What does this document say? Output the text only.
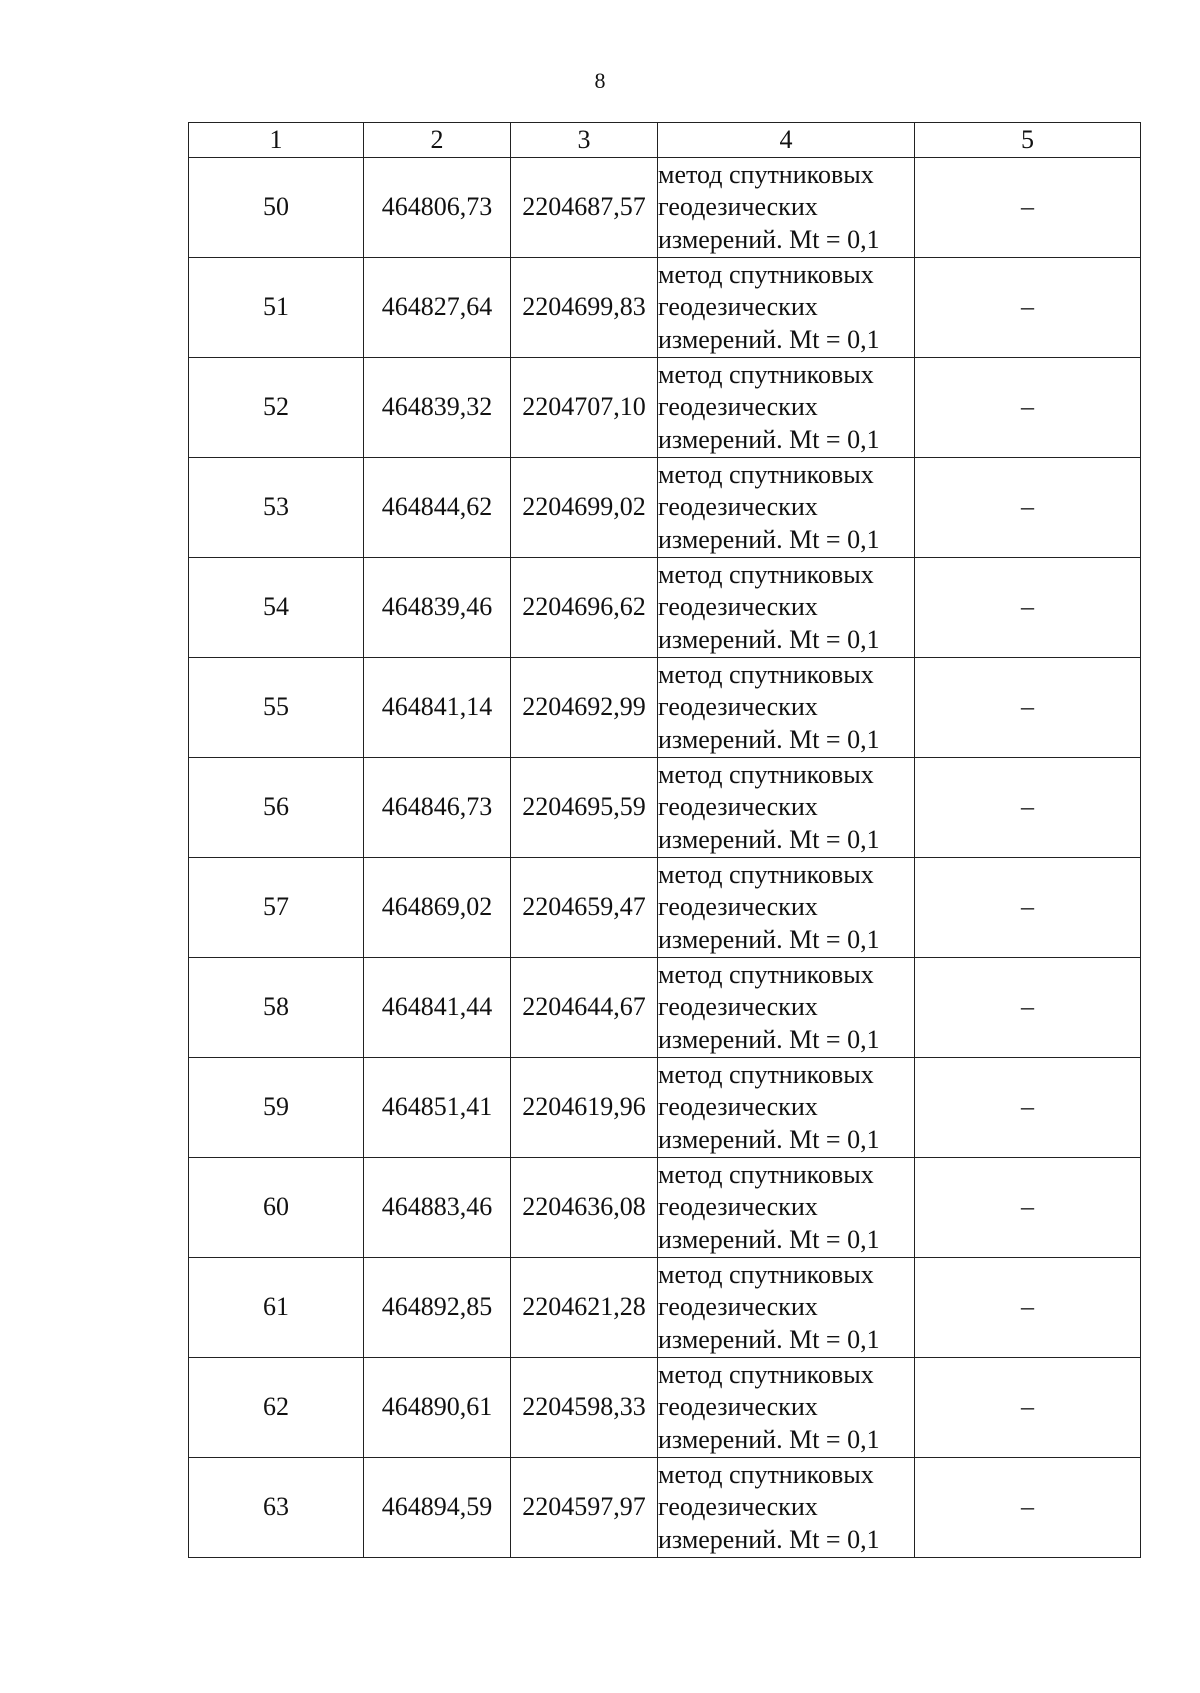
8
1	2	3	4	5
50	464806,73	2204687,57	метод спутниковых
геодезических
измерений. Mt = 0,1	–
51	464827,64	2204699,83	метод спутниковых
геодезических
измерений. Mt = 0,1	–
52	464839,32	2204707,10	метод спутниковых
геодезических
измерений. Mt = 0,1	–
53	464844,62	2204699,02	метод спутниковых
геодезических
измерений. Mt = 0,1	–
54	464839,46	2204696,62	метод спутниковых
геодезических
измерений. Mt = 0,1	–
55	464841,14	2204692,99	метод спутниковых
геодезических
измерений. Mt = 0,1	–
56	464846,73	2204695,59	метод спутниковых
геодезических
измерений. Mt = 0,1	–
57	464869,02	2204659,47	метод спутниковых
геодезических
измерений. Mt = 0,1	–
58	464841,44	2204644,67	метод спутниковых
геодезических
измерений. Mt = 0,1	–
59	464851,41	2204619,96	метод спутниковых
геодезических
измерений. Mt = 0,1	–
60	464883,46	2204636,08	метод спутниковых
геодезических
измерений. Mt = 0,1	–
61	464892,85	2204621,28	метод спутниковых
геодезических
измерений. Mt = 0,1	–
62	464890,61	2204598,33	метод спутниковых
геодезических
измерений. Mt = 0,1	–
63	464894,59	2204597,97	метод спутниковых
геодезических
измерений. Mt = 0,1	–
